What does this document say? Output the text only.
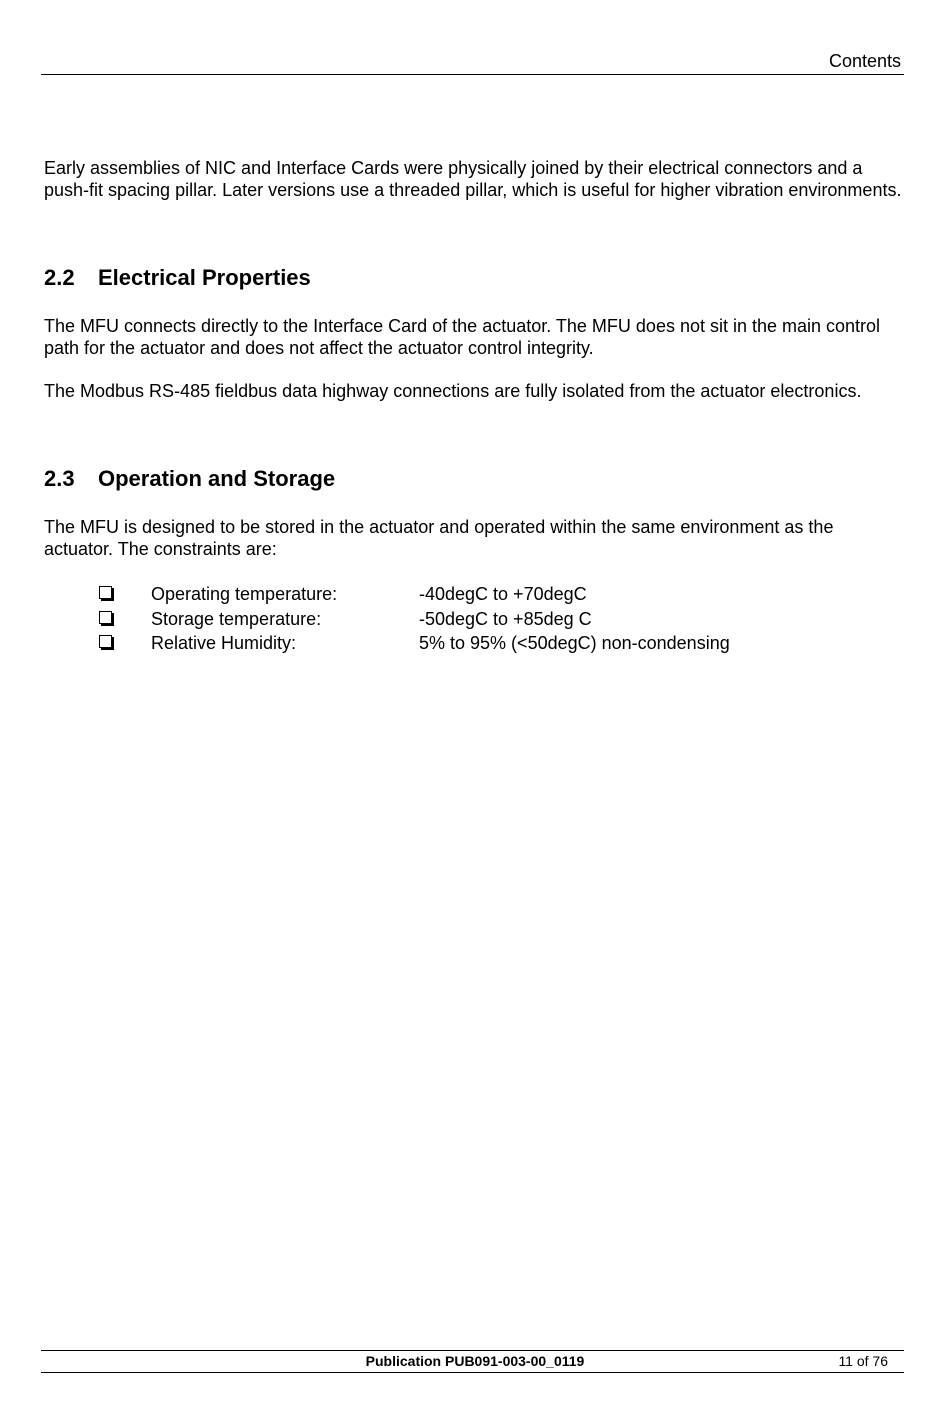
Contents

Early assemblies of NIC and Interface Cards were physically joined by their electrical connectors and a push-fit spacing pillar. Later versions use a threaded pillar, which is useful for higher vibration environments.

2.2 Electrical Properties

The MFU connects directly to the Interface Card of the actuator. The MFU does not sit in the main control path for the actuator and does not affect the actuator control integrity.

The Modbus RS-485 fieldbus data highway connections are fully isolated from the actuator electronics.

2.3 Operation and Storage

The MFU is designed to be stored in the actuator and operated within the same environment as the actuator. The constraints are:

Operating temperature:	-40degC to +70degC
Storage temperature:	-50degC to +85deg C
Relative Humidity:	5% to 95% (<50degC) non-condensing
Publication PUB091-003-00_0119	11 of 76
